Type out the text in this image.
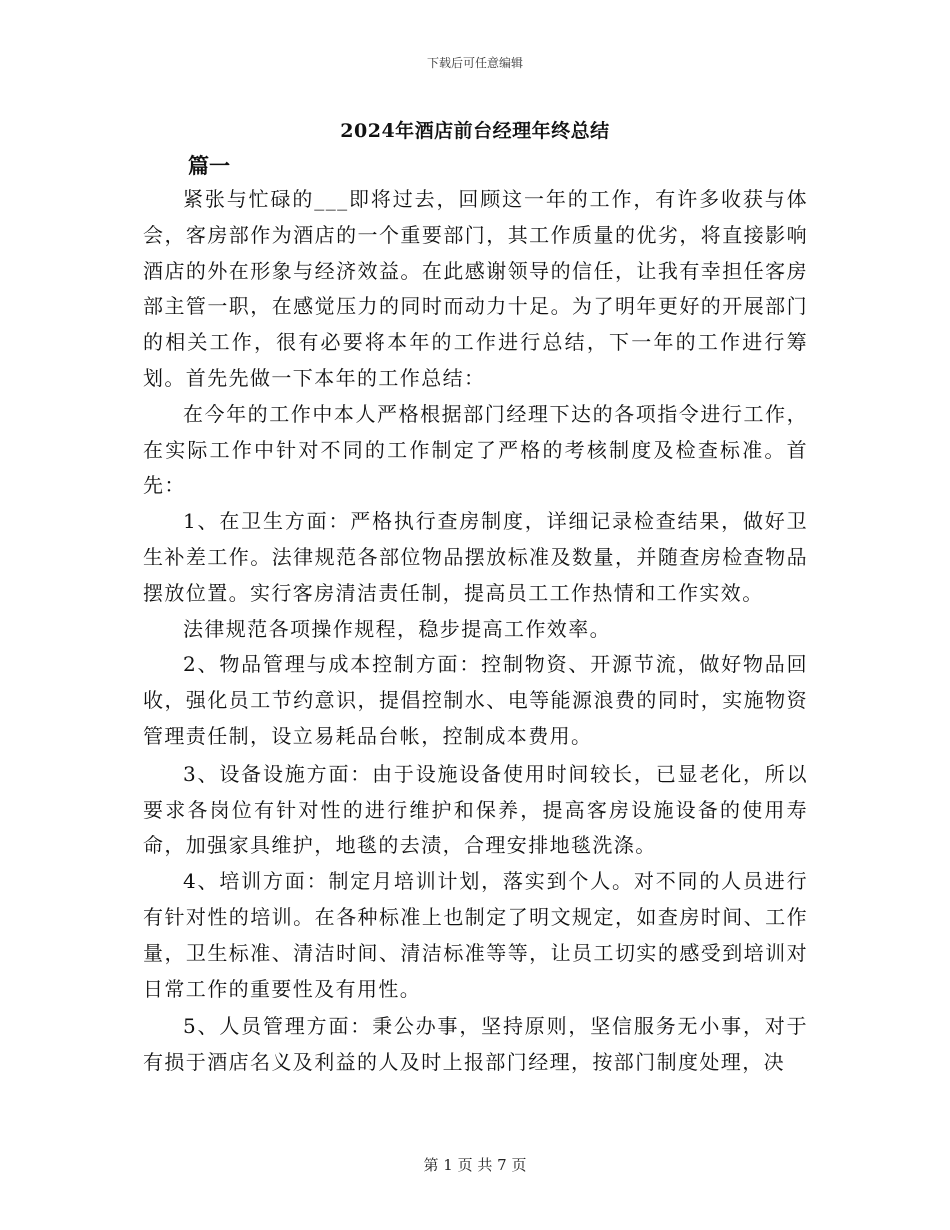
下载后可任意编辑
2024年酒店前台经理年终总结
篇一

紧张与忙碌的___即将过去，回顾这一年的工作，有许多收获与体会，客房部作为酒店的一个重要部门，其工作质量的优劣，将直接影响酒店的外在形象与经济效益。在此感谢领导的信任，让我有幸担任客房部主管一职，在感觉压力的同时而动力十足。为了明年更好的开展部门的相关工作，很有必要将本年的工作进行总结，下一年的工作进行筹划。首先先做一下本年的工作总结：

在今年的工作中本人严格根据部门经理下达的各项指令进行工作，在实际工作中针对不同的工作制定了严格的考核制度及检查标准。首先：

1、在卫生方面：严格执行查房制度，详细记录检查结果，做好卫生补差工作。法律规范各部位物品摆放标准及数量，并随查房检查物品摆放位置。实行客房清洁责任制，提高员工工作热情和工作实效。

法律规范各项操作规程，稳步提高工作效率。

2、物品管理与成本控制方面：控制物资、开源节流，做好物品回收，强化员工节约意识，提倡控制水、电等能源浪费的同时，实施物资管理责任制，设立易耗品台帐，控制成本费用。

3、设备设施方面：由于设施设备使用时间较长，已显老化，所以要求各岗位有针对性的进行维护和保养，提高客房设施设备的使用寿命，加强家具维护，地毯的去渍，合理安排地毯洗涤。

4、培训方面：制定月培训计划，落实到个人。对不同的人员进行有针对性的培训。在各种标准上也制定了明文规定，如查房时间、工作量，卫生标准、清洁时间、清洁标准等等，让员工切实的感受到培训对日常工作的重要性及有用性。

5、人员管理方面：秉公办事，坚持原则，坚信服务无小事，对于有损于酒店名义及利益的人及时上报部门经理，按部门制度处理，决

第 1 页 共 7 页
